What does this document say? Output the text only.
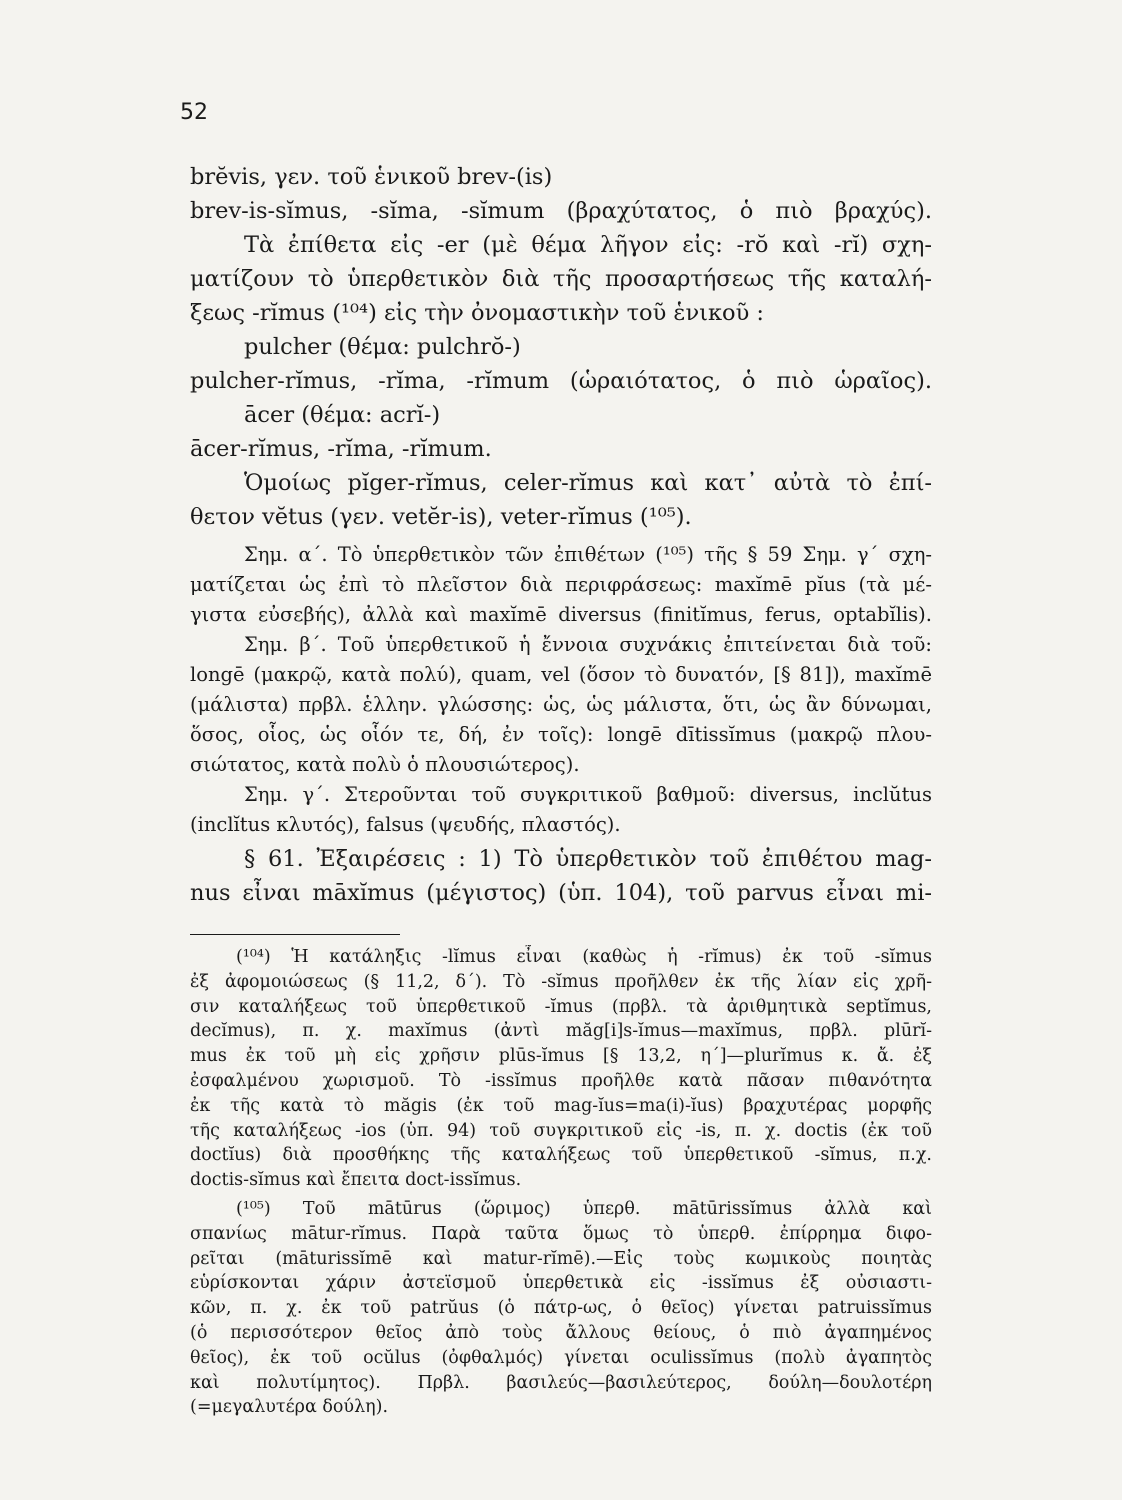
52
brĕvis, γεν. τοῦ ἑνικοῦ brev-(is)
brev-is-sĭmus, -sĭma, -sĭmum (βραχύτατος, ὁ πιὸ βραχύς).
Τὰ ἐπίθετα εἰς -er (μὲ θέμα λῆγον εἰς: -rŏ καὶ -rĭ) σχη-
ματίζουν τὸ ὑπερθετικὸν διὰ τῆς προσαρτήσεως τῆς καταλή-
ξεως -rĭmus (¹⁰⁴) εἰς τὴν ὀνομαστικὴν τοῦ ἑνικοῦ :
pulcher (θέμα: pulchrŏ-)
pulcher-rĭmus, -rĭma, -rĭmum (ὡραιότατος, ὁ πιὸ ὡραῖος).
ācer (θέμα: acrĭ-)
ācer-rĭmus, -rĭma, -rĭmum.
Ὁμοίως pĭger-rĭmus, celer-rĭmus καὶ κατ᾿ αὐτὰ τὸ ἐπί-
θετον vĕtus (γεν. vetĕr-is), veter-rĭmus (¹⁰⁵).
Σημ. α΄. Τὸ ὑπερθετικὸν τῶν ἐπιθέτων (¹⁰⁵) τῆς § 59 Σημ. γ΄ σχη-
ματίζεται ὡς ἐπὶ τὸ πλεῖστον διὰ περιφράσεως: maxĭmē pĭus (τὰ μέ-
γιστα εὐσεβής), ἀλλὰ καὶ maxĭmē diversus (finitĭmus, ferus, optabĭlis).
Σημ. β΄. Τοῦ ὑπερθετικοῦ ἡ ἔννοια συχνάκις ἐπιτείνεται διὰ τοῦ:
longē (μακρῷ, κατὰ πολύ), quam, vel (ὅσον τὸ δυνατόν, [§ 81]), maxĭmē
(μάλιστα) πρβλ. ἑλλην. γλώσσης: ὡς, ὡς μάλιστα, ὅτι, ὡς ἂν δύνωμαι,
ὅσος, οἷος, ὡς οἷόν τε, δή, ἐν τοῖς): longē dītissĭmus (μακρῷ πλου-
σιώτατος, κατὰ πολὺ ὁ πλουσιώτερος).
Σημ. γ΄. Στεροῦνται τοῦ συγκριτικοῦ βαθμοῦ: diversus, inclŭtus
(inclĭtus κλυτός), falsus (ψευδής, πλαστός).
§ 61. Ἐξαιρέσεις : 1) Τὸ ὑπερθετικὸν τοῦ ἐπιθέτου mag-
nus εἶναι māxĭmus (μέγιστος) (ὑπ. 104), τοῦ parvus εἶναι mi-
(¹⁰⁴) Ἡ κατάληξις -lĭmus εἶναι (καθὼς ἡ -rĭmus) ἐκ τοῦ -sĭmus
ἐξ ἀφομοιώσεως (§ 11,2, δ΄). Τὸ -sĭmus προῆλθεν ἐκ τῆς λίαν εἰς χρῆ-
σιν καταλήξεως τοῦ ὑπερθετικοῦ -ĭmus (πρβλ. τὰ ἀριθμητικὰ septĭmus,
decĭmus), π. χ. maxĭmus (ἀντὶ măg[i]s-ĭmus—maxĭmus, πρβλ. plūrĭ-
mus ἐκ τοῦ μὴ εἰς χρῆσιν plūs-ĭmus [§ 13,2, η΄]—plurĭmus κ. ἄ. ἐξ
ἐσφαλμένου χωρισμοῦ. Τὸ -issĭmus προῆλθε κατὰ πᾶσαν πιθανότητα
ἐκ τῆς κατὰ τὸ măgis (ἐκ τοῦ mag-ĭus=ma(i)-ĭus) βραχυτέρας μορφῆς
τῆς καταλήξεως -ios (ὑπ. 94) τοῦ συγκριτικοῦ εἰς -is, π. χ. doctis (ἐκ τοῦ
doctĭus) διὰ προσθήκης τῆς καταλήξεως τοῦ ὑπερθετικοῦ -sĭmus, π.χ.
doctis-sĭmus καὶ ἔπειτα doct-issĭmus.
(¹⁰⁵) Τοῦ mātūrus (ὥριμος) ὑπερθ. mātūrissĭmus ἀλλὰ καὶ
σπανίως mātur-rĭmus. Παρὰ ταῦτα ὅμως τὸ ὑπερθ. ἐπίρρημα διφο-
ρεῖται (māturissĭmē καὶ matur-rĭmē).—Εἰς τοὺς κωμικοὺς ποιητὰς
εὑρίσκονται χάριν ἀστεϊσμοῦ ὑπερθετικὰ εἰς -issĭmus ἐξ οὐσιαστι-
κῶν, π. χ. ἐκ τοῦ patrŭus (ὁ πάτρ-ως, ὁ θεῖος) γίνεται patruissĭmus
(ὁ περισσότερον θεῖος ἀπὸ τοὺς ἄλλους θείους, ὁ πιὸ ἀγαπημένος
θεῖος), ἐκ τοῦ ocŭlus (ὀφθαλμός) γίνεται oculissĭmus (πολὺ ἀγαπητὸς
καὶ πολυτίμητος). Πρβλ. βασιλεύς—βασιλεύτερος, δούλη—δουλοτέρη
(=μεγαλυτέρα δούλη).
